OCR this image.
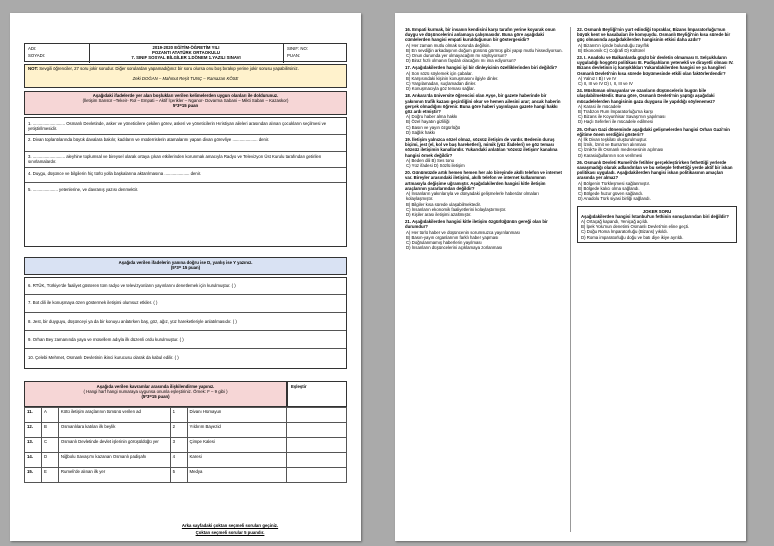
ADI:
SOYADI:
2019-2020 EĞİTİM-ÖĞRETİM YILI
POZANTI ATATÜRK ORTAOKULU
7. SINIF SOSYAL BİLGİLER 1.DÖNEM 1.YAZILI SINAVI
SINIF: NO:
PUAN:
NOT: Sevgili öğrenciler, 27 soru jokir sorudur. Diğer sorulardan yapamadığınız bir soru olursa onu boş bırakıp yerine jokir sorusu yapabilirsiniz.
Zeki DOĞAN – Mahmut Reşit TUNÇ – Ramazan KÖSE
Aşağıdaki ifadelerde yer alan boşlukları verilen kelimelerden uygun olanları ile doldurunuz.
(İletişim Sansür –Tekeir- Rol – Empati – Aktif İçerikler – Nganor- Dovarma Sabani – Mikti Saban – Kazaskor)
5*3=15 puan
1. ........................... Osmanlı Devletinde, asker ve yöneticilere çekilen görev, askeri ve yöneticilerin Hıristiyan aileleri arasından alınan çocukların seçilmesi ve yetiştirilmesidir.
2. Divan toplantılarında büyük davalara bakılır, kadıların ve müderrislerin atamalarını yapan divan görevliye ..................... denir.
3. ........................... aleyhine toplumsal ve bireysel olarak ortaya çıkan etkilerinden korunmak amacıyla Radyo ve Televizyon Üst Kurulu tarafından getirilen sınırlamalardır.
4. Duygu, düşünce ve bilgilerin hiç türlü yolla başkalarına aktarılmasına ..................... denir.
5. ..................... yetenlerine, ve davranış yazısı denmektir.
Aşağıda verilen ifadelerin yanına doğru ise D, yanlış ise Y yazınız.
(5*3= 15 puan)
6. RTÜK, Türkiye'de faaliyet gösteren tüm radyo ve televizyonların yayınlarını denetlemek için kurulmuştur. ( )
7. Bot dili ile konuşmaya özen göstermek iletişimi olumsuz etkiler. ( )
8. Jest, bir duyguyu, düşünceyi ya da bir konuyu anlatırken baş, göz, ağız, yüz hareketleriyle anlatılmasıdır. ( )
9. Orhan Bey zamanında yaya ve müsellem adıyla ilk düzenli ordu kurulmuştur. ( )
10. Çelebi Mehmet, Osmanlı Devletinin ikinci kurucusu olarak da kabul edilir. ( )
Aşağıda verilen kavramlar arasında ilişkilendirme yapınız.
( Hangi harf hangi numaraya uygunsa onunla eşleştiriniz. Örnek: F – 9 gibi )
(5*3=15 puan)
Eşleştir
11.	A	Kötü iletişim araçlarının tümünü verilen ad	1	Divanı Hümayun	
12.	B	Osmanlılara katılan ilk beylik	2	Yıldırım Bayezid	
13.	C	Osmanlı Devletinde devlet işlerinin görüşüldüğü yer	3	Çimpe Kalesi	
14.	D	Niğbolu Savaşı'nı kazanan Osmanlı padişahı	4	Karesi	
15.	E	Rumeli'de alınan ilk yer	5	Medya	
Arka sayfadaki çoktan seçmeli soruları geçiniz.
Çoktan seçmeli sorular 5 puandır.
16. Empati kurmak, bir insanın kendisini karşı tarafın yerine koyarak onun duygu ve düşüncelerini anlamaya çalışmasıdır. Buna göre aşağıdaki cümlelerden hangisi empati kurulduğunun bir göstergesidir?
A) Her zaman mutlu olmak sorunda değilsin.
B) En sevdiğin arkadaşının doğum gününü görmüş gibi yapıp mutlu hissediyorsun.
C) Onun durumda yer olmayacağım mı söylüyorsun?
D) Biraz hızlı olmanın faydalı olacağını mı ima ediyorsun?
17. Aşağıdakilerden hangisi iyi bir dinleyicinin özelliklerinden biri değildir?
A) Son sözü söylemek için çabalar.
B) Karşısındaki kişinin konuşmasını ilgiyle dinler.
C) Yargılamadan, suçlamadan dinler.
D) Konuşmacıyla göz teması sağlar.
18. Ankara'da üniversite öğrencisi olan Ayşe, bir gazete haberinde bir yakınının trafik kazası geçirdiğini okur ve hemen ailesini arar; ancak haberin gerçek olmadığını öğrenir. Buna göre haberi yayınlayan gazete hangi hakkı göz ardı etmiştir?
A) Doğru haber alma hakkı
B) Özel hayatın gizliliği
C) Basın ve yayın özgürlüğü
D) Sağlık hakkı
19. İletişim yalnızca sözel olmaz, sözsüz iletişim de vardır. Bedenin duruş biçimi, jest (el, kol ve baş hareketleri), mimik (yüz ifadeleri) ve göz teması sözsüz iletişimin kanallarıdır. Yukarıdaki anlatılan 'sözsüz iletişim' kanalına hangisi örnek değildir?
A) Beden dili B) Ses tonu
C) Yüz ifadesi D) Sözlü iletişim
20. Günümüzde artık hemen hemen her alo bireyinde akıllı telefon ve internet var. Bireyler arasındaki iletişimi, akıllı telefon ve internet kullanımının artmasıyla değişime uğramıştır. Aşağıdakilerden hangisi kitle iletişim araçlarının yararlarından değildir?
A) İnsanların yakınlarıyla ve dünyadaki gelişmelerle haberdar olmaları kolaylaşmıştır.
B) Bilgiler kısa sürede ulaşabilmektedir.
C) İnsanların ekonomik faaliyetlerini kolaylaştırmıştır.
D) Kişiler arası iletişimi azaltmıştır.
21. Aşağıdakilerden hangisi kitle iletişim özgürlüğünün gereği olan bir durumdur?
A) Her türlü haber ve düşüncenin sorumsuzca yayınlanması
B) Basın-yayın organlarının farklı haber yapması
C) Doğrulanmamış haberlerin yayılması
D) İnsanların düşüncelerini açıklamaya zorlanması
22. Osmanlı Beyliği'nin yurt edindiği topraklar, Bizans İmparatorluğu'nun büyük kent ve kasabaları ile komşuydu. Osmanlı Beyliği'nin kısa sürede bir güç olmasında aşağıdakilerden hangisinin etkisi daha azdır?
A) Bizans'ın içinde bulunduğu zayıflık
B) Ekonomik C) Coğrafi D) Kültürel
23. I. Anadolu ve Balkanlarda güçlü bir devletin olmaması II. Selçukluların uyguladığı hoşgörü politikası III. Padişahların yetenekli ve dirayetli olması IV. Bizans devletinin iç karışıklıkları Yukarıdakilerden hangisi ve ya hangileri Osmanlı Devleti'nin kısa sürede büyümesinde etkili olan faktörlerdendir?
A) Yalnız I B) I ve IV
C) II, III ve IV D) I, II, III ve IV
24. Müslüman olmayanlar ve ozanların düşüncelerin bugün bile ulaşılabilmektedir. Buna göre, Osmanlı Devleti'nin yaptığı aşağıdaki mücadelelerden hangisinin gaza duygusu ile yapıldığı söylenemez?
A) Karasi ile mücadele
B) Trabzon Rum İmparatorluğu'na karşı
C) Bizans ile Koyunhisar Savaşı'nın yapılması
D) Haçlı Seferleri ile mücadele edilmesi
25. Orhan Gazi döneminde aşağıdaki gelişmelerden hangisi Orhan Gazi'nin eğitime önem verdiğini gösterir?
A) İlk Divan teşkilatı oluşturulmuştur.
B) İznik, İzmit ve Bursa'nın alınması
C) İznik'te ilk Osmanlı medresesinin açılması
D) Karasioğullarının son verilmesi
26. Osmanlı Devleti Rumeli'de fetihler gerçekleştirirken fethettiği yerlerde savaşmadığı olarak adlandırılan ve bu sebeple fethettiği yerde aktif bir iskan politikası uyguladı. Aşağıdakilerden hangisi iskan politikasının amaçları arasında yer almaz?
A) Bölgenin Türkleşmesi sağlanmıştır.
B) Bölgede kalıcı olma sağlandı.
C) Bölgede huzur güven sağlandı.
D) Anadolu Türk siyasi birliği sağlandı.
JOKER SORU
Aşağıdakilerden hangisi İstanbul'un fethinin sonuçlarından biri değildir?
A) Ortaçağ kapandı, Yeniçağ açıldı.
B) İpek Yolu'nun denetimi Osmanlı Devleti'nin eline geçti.
C) Doğu Roma İmparatorluğu (Bizans) yıkıldı.
D) Roma imparatorluğu doğu ve batı diye ikiye ayrıldı.
